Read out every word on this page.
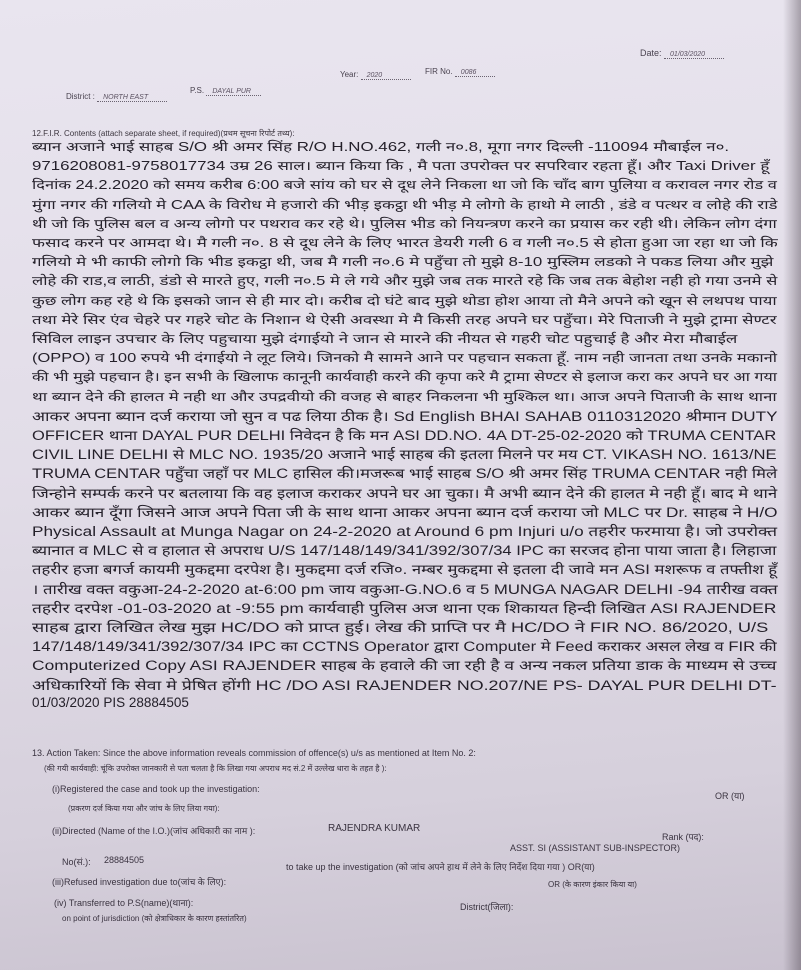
Date: 01/03/2020
Year: 2020	FIR No. 0086
District : NORTH EAST
P.S. DAYAL PUR
12.F.I.R. Contents (attach separate sheet, if required)(प्रथम सूचना रिपोर्ट तथ्य):
ब्यान अजाने भाई साहब S/O श्री अमर सिंह R/O H.NO.462, गली न०.8, मूगा नगर दिल्ली -110094 मौबाईल न०.
9716208081-9758017734 उम्र 26 साल। ब्यान किया कि , मै पता उपरोक्त पर सपरिवार रहता हूँ। और Taxi Driver हूँ
दिनांक 24.2.2020 को समय करीब 6:00 बजे सांय को घर से दूध लेने निकला था जो कि चाँद बाग पुलिया व करावल नगर रोड व
मुंगा नगर की गलियो मे CAA के विरोध मे हजारो की भीड़ इकट्ठा थी भीड़ मे लोगो के हाथो मे लाठी , डंडे व पत्थर व लोहे की राडे
थी जो कि पुलिस बल व अन्य लोगो पर पथराव कर रहे थे। पुलिस भीड को नियन्त्रण करने का प्रयास कर रही थी। लेकिन लोग दंगा
फसाद करने पर आमदा थे। मै गली न०. 8 से दूध लेने के लिए भारत डेयरी गली 6 व गली न०.5 से होता हुआ जा रहा था जो कि
गलियो मे भी काफी लोगो कि भीड इकट्ठा थी, जब मै गली न०.6 मे पहुँचा तो मुझे 8-10 मुस्लिम लडको ने पकड लिया और मुझे
लोहे की राड,व लाठी, डंडो से मारते हुए, गली न०.5 मे ले गये और मुझे जब तक मारते रहे कि जब तक बेहोश नही हो गया उनमे से
कुछ लोग कह रहे थे कि इसको जान से ही मार दो। करीब दो घंटे बाद मुझे थोडा होश आया तो मैने अपने को खून से लथपथ पाया
तथा मेरे सिर एंव चेहरे पर गहरे चोट के निशान थे ऐसी अवस्था मे मै किसी तरह अपने घर पहुँचा। मेरे पिताजी ने मुझे ट्रामा सेण्टर
सिविल लाइन उपचार के लिए पहुचाया मुझे दंगाईयो ने जान से मारने की नीयत से गहरी चोट पहुचाई है और मेरा मौबाईल
(OPPO) व 100 रुपये भी दंगाईयो ने लूट लिये। जिनको मै सामने आने पर पहचान सकता हूँ. नाम नही जानता तथा उनके मकानो
की भी मुझे पहचान है। इन सभी के खिलाफ कानूनी कार्यवाही करने की कृपा करे मै ट्रामा सेण्टर से इलाज करा कर अपने घर आ गया
था ब्यान देने की हालत मे नही था और उपद्रवीयो की वजह से बाहर निकलना भी मुश्किल था। आज अपने पिताजी के साथ थाना
आकर अपना ब्यान दर्ज कराया जो सुन व पढ लिया ठीक है। Sd English BHAI SAHAB 0110312020 श्रीमान DUTY
OFFICER थाना DAYAL PUR DELHI निवेदन है कि मन ASI DD.NO. 4A DT-25-02-2020 को TRUMA CENTAR
CIVIL LINE DELHI से MLC NO. 1935/20 अजाने भाई साहब की इतला मिलने पर मय CT. VIKASH NO. 1613/NE
TRUMA CENTAR पहुँचा जहाँ पर MLC हासिल की।मजरूब भाई साहब S/O श्री अमर सिंह TRUMA CENTAR नही मिले
जिन्होने सम्पर्क करने पर बतलाया कि वह इलाज कराकर अपने घर आ चुका। मै अभी ब्यान देने की हालत मे नही हूँ। बाद मे थाने
आकर ब्यान दूँगा जिसने आज अपने पिता जी के साथ थाना आकर अपना ब्यान दर्ज कराया जो MLC पर Dr. साहब ने H/O
Physical Assault at Munga Nagar on 24-2-2020 at Around 6 pm Injuri u/o तहरीर फरमाया है। जो उपरोक्त
ब्यानात व MLC से व हालात से अपराध U/S 147/148/149/341/392/307/34 IPC का सरजद होना पाया जाता है। लिहाजा
तहरीर हजा बगर्ज कायमी मुकद्दमा दरपेश है। मुकद्दमा दर्ज रजि०. नम्बर मुकद्दमा से इतला दी जावे मन ASI मशरूफ व तफ्तीश हूँ
। तारीख वक्त वकुआ-24-2-2020 at-6:00 pm जाय वकुआ-G.NO.6 व 5 MUNGA NAGAR DELHI -94 तारीख वक्त
तहरीर दरपेश -01-03-2020 at -9:55 pm कार्यवाही पुलिस अज थाना एक शिकायत हिन्दी लिखित ASI RAJENDER
साहब द्वारा लिखित लेख मुझ HC/DO को प्राप्त हुई। लेख की प्राप्ति पर मै HC/DO ने FIR NO. 86/2020, U/S
147/148/149/341/392/307/34 IPC का CCTNS Operator द्वारा Computer मे Feed कराकर असल लेख व FIR की
Computerized Copy ASI RAJENDER साहब के हवाले की जा रही है व अन्य नकल प्रतिया डाक के माध्यम से उच्च
अधिकारियों कि सेवा मे प्रेषित होंगी HC /DO ASI RAJENDER NO.207/NE PS- DAYAL PUR DELHI DT-
01/03/2020 PIS 28884505
13. Action Taken: Since the above information reveals commission of offence(s) u/s as mentioned at Item No. 2:
(की गयी कार्यवाही: चूंकि उपरोक्त जानकारी से पता चलता है कि लिखा गया अपराध मद सं.2 में उल्लेख धारा के तहत है ):
(i)Registered the case and took up the investigation:
(प्रकरण दर्ज किया गया और जांच के लिए लिया गया):
OR (या)
(ii)Directed (Name of the I.O.)(जांच अधिकारी का नाम ):	RAJENDRA KUMAR
Rank (पद):
ASST. SI (ASSISTANT SUB-INSPECTOR)
No(सं.): 28884505
to take up the investigation (को जांच अपने हाथ में लेने के लिए निर्देश दिया गया ) OR(या)
(iii)Refused investigation due to(जांच के लिए):	OR (के कारण इंकार किया या)
(iv) Transferred to P.S(name)(थाना):	District(जिला):
on point of jurisdiction (को क्षेत्राधिकार के कारण हस्तांतरित)
